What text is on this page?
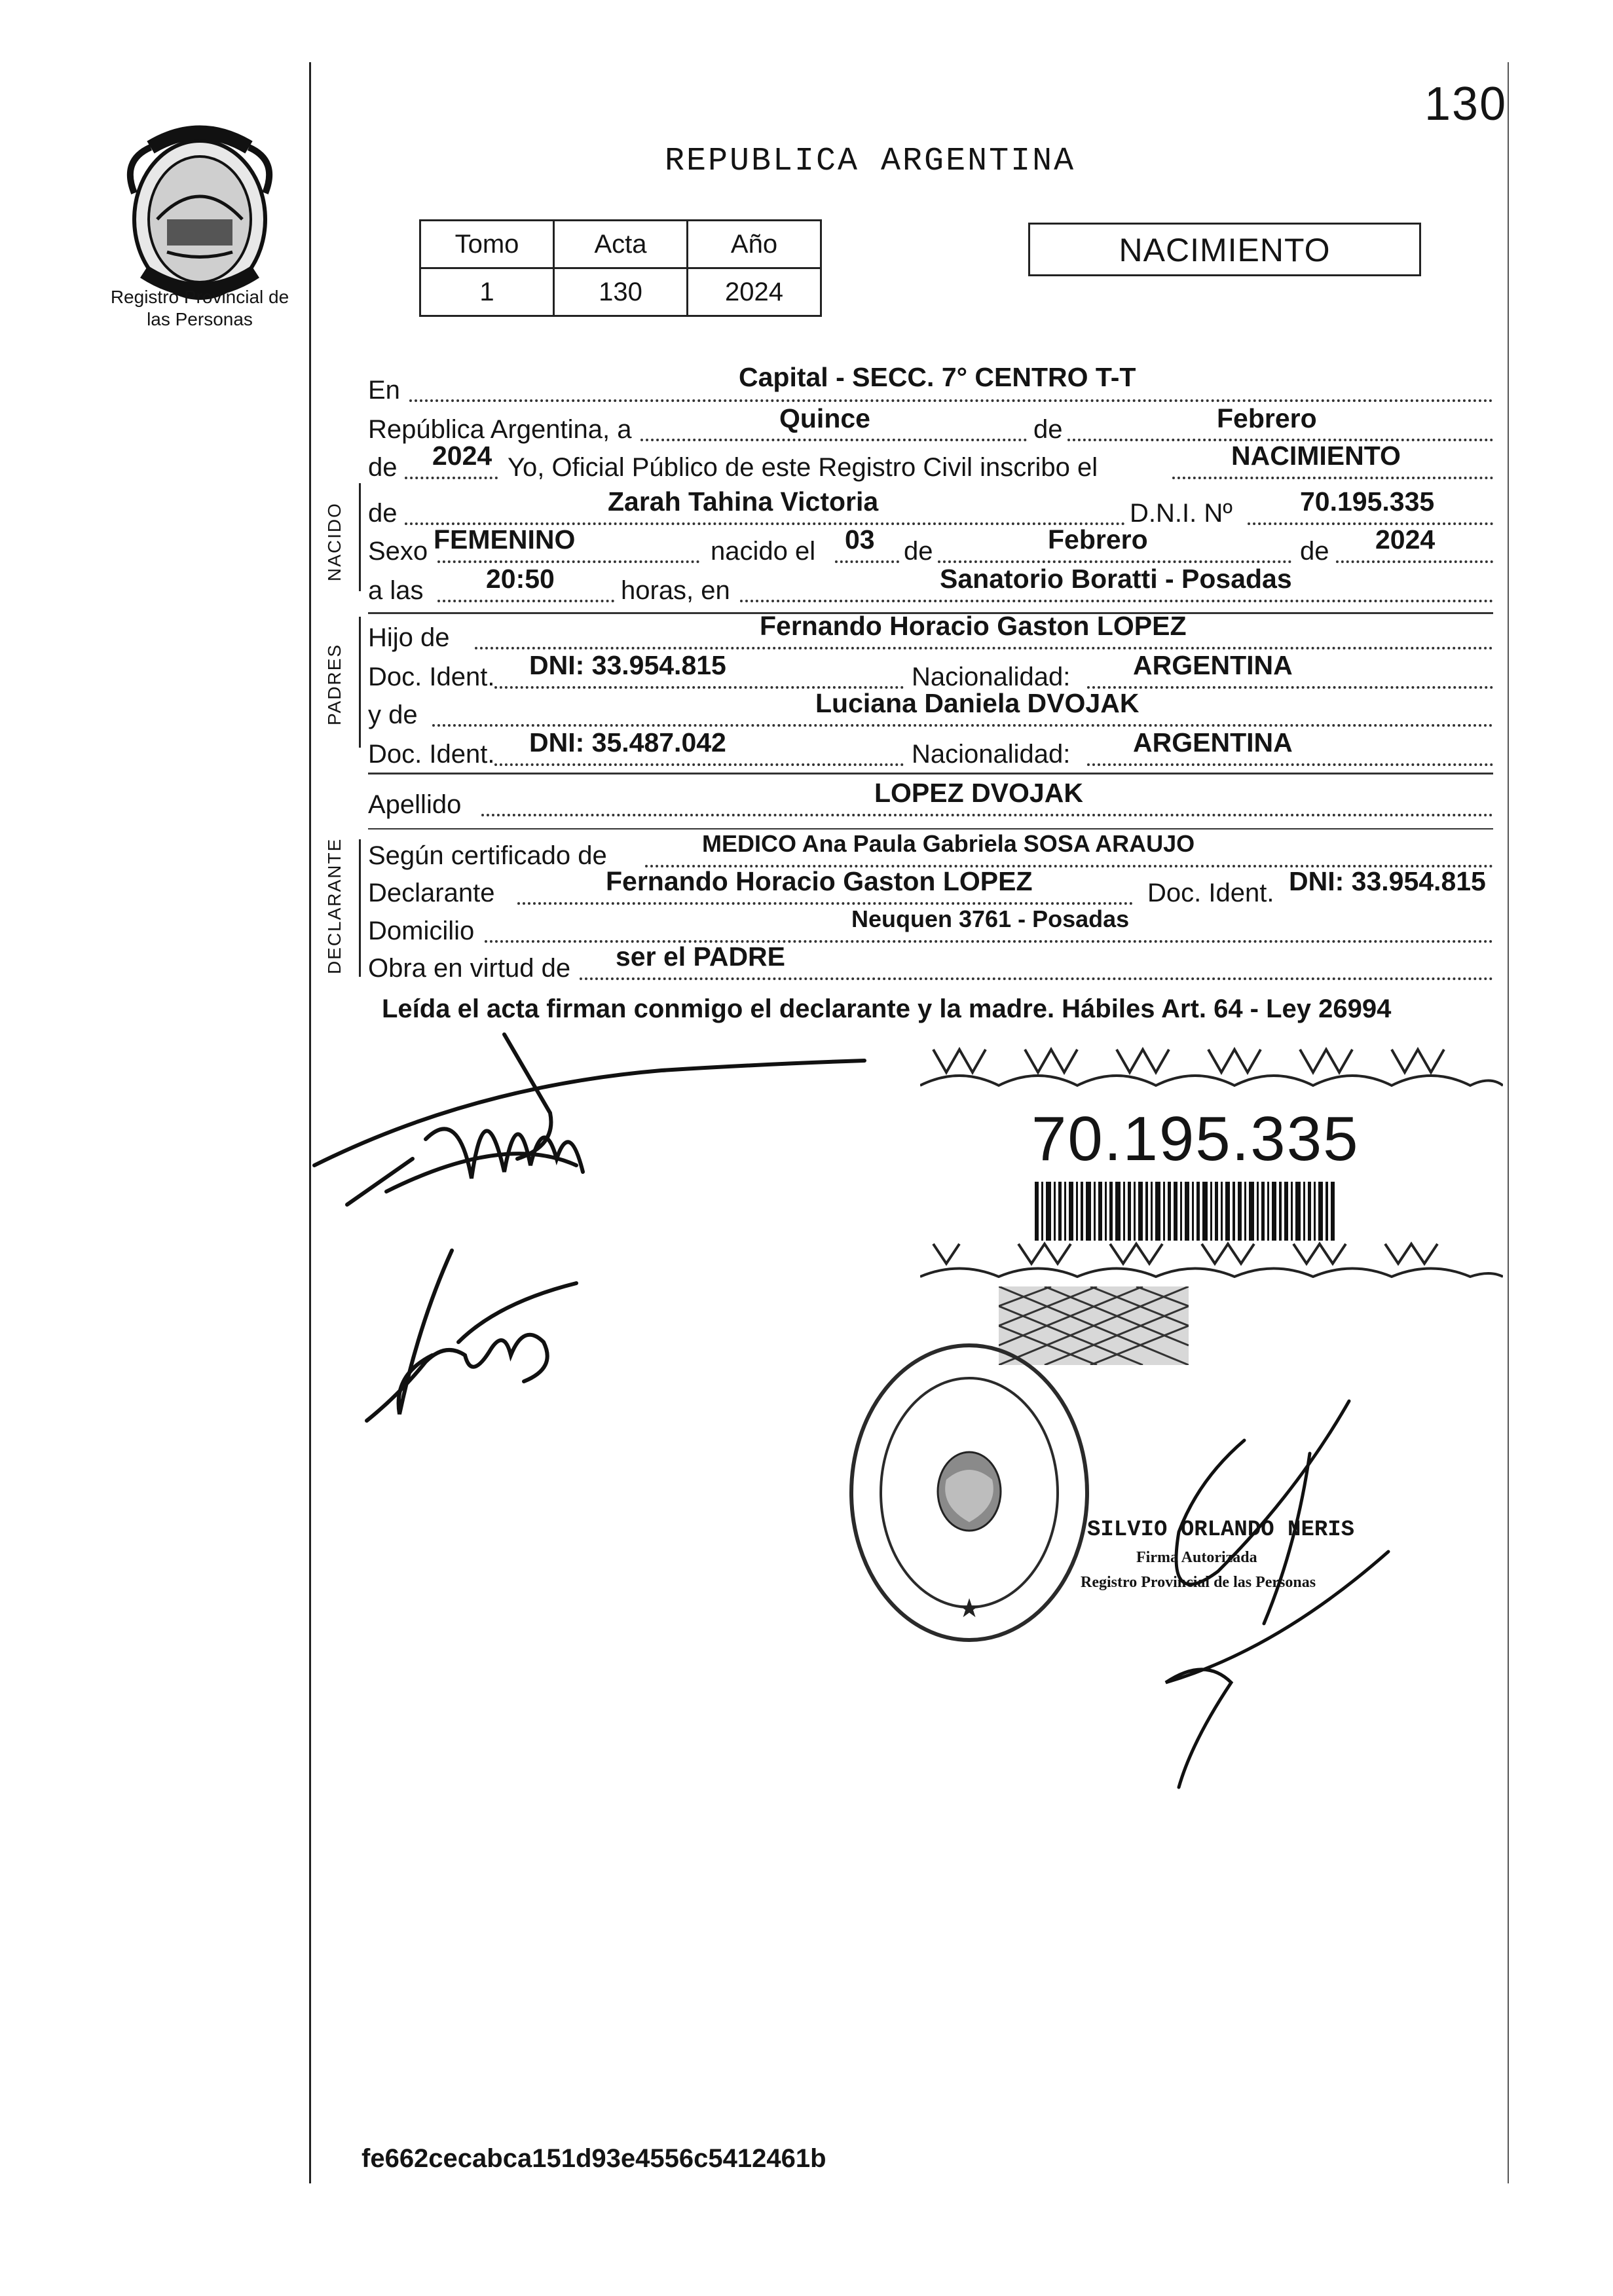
130
Registro Provincial de las Personas
REPUBLICA ARGENTINA
Tomo	Acta	Año
1	130	2024
NACIMIENTO
NACIDO
PADRES
DECLARANTE
En	Capital - SECC. 7° CENTRO T-T
República Argentina, a	Quince	de	Febrero
de 2024 Yo, Oficial Público de este Registro Civil inscribo el	NACIMIENTO
de	Zarah Tahina Victoria	D.N.I. Nº	70.195.335
Sexo FEMENINO	nacido el 03 de	Febrero	de 2024
a las 20:50	horas, en	Sanatorio Boratti - Posadas
Hijo de	Fernando Horacio Gaston LOPEZ
Doc. Ident. DNI: 33.954.815	Nacionalidad: ARGENTINA
y de	Luciana Daniela DVOJAK
Doc. Ident. DNI: 35.487.042	Nacionalidad: ARGENTINA
Apellido	LOPEZ DVOJAK
Según certificado de	MEDICO Ana Paula Gabriela SOSA ARAUJO
Declarante	Fernando Horacio Gaston LOPEZ	Doc. Ident. DNI: 33.954.815
Domicilio	Neuquen 3761 - Posadas
Obra en virtud de ser el PADRE
Leída el acta firman conmigo el declarante y la madre. Hábiles Art. 64 - Ley 26994
70.195.335
★
SILVIO ORLANDO NERIS
Firma Autorizada
Registro Provincial de las Personas
fe662cecabca151d93e4556c5412461b
